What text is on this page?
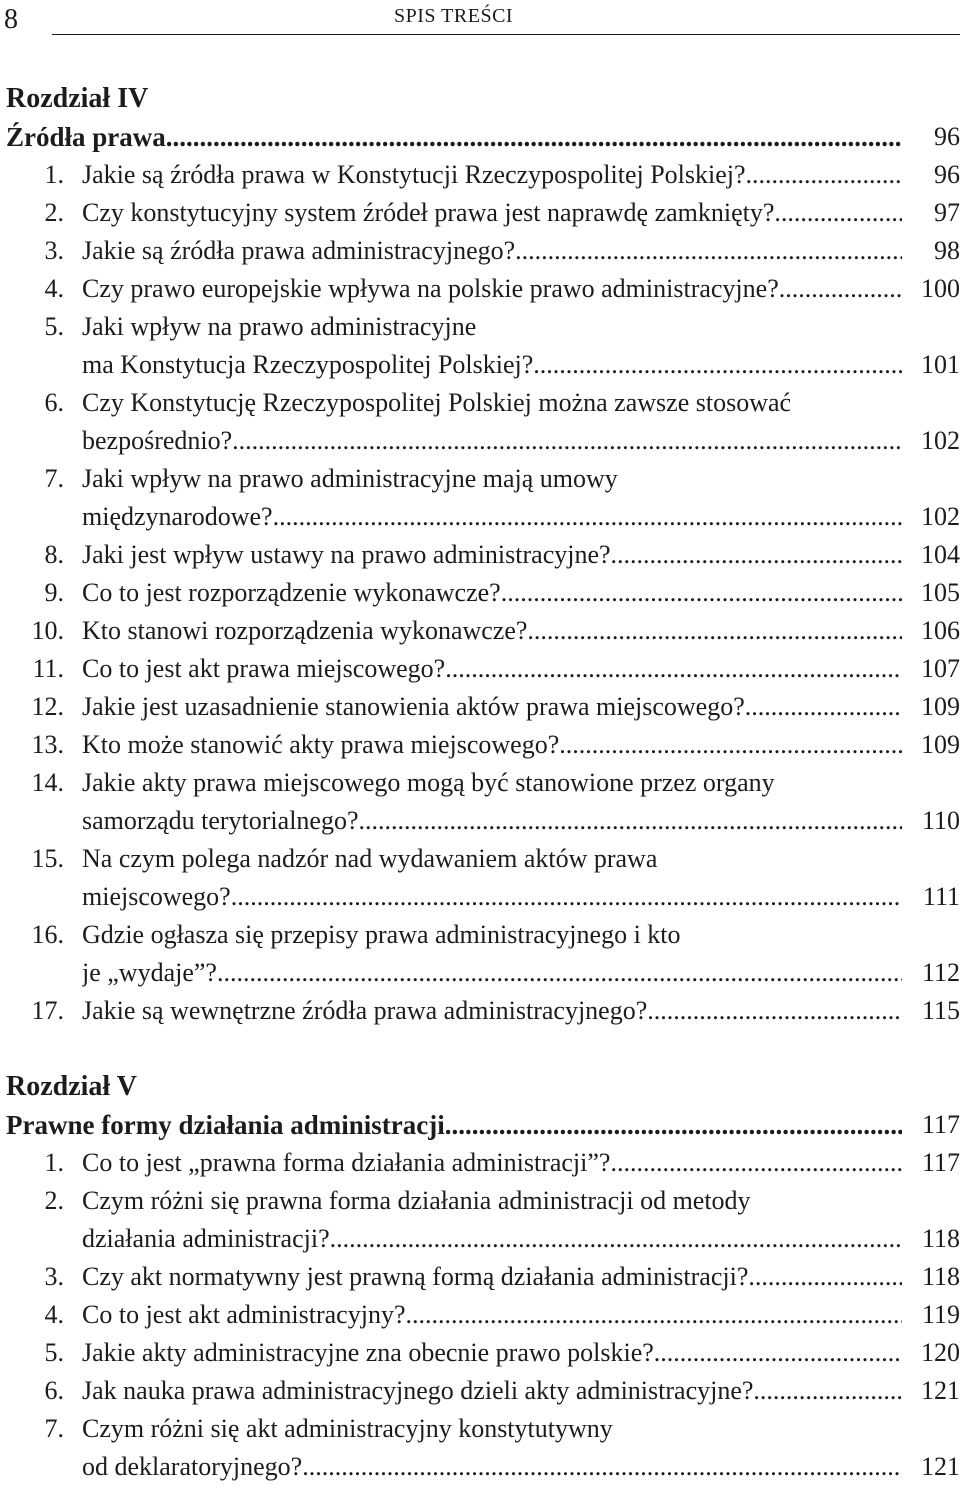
8	SPIS TREŚCI
Rozdział IV
Źródła prawa .....	96
1. Jakie są źródła prawa w Konstytucji Rzeczypospolitej Polskiej? .....	96
2. Czy konstytucyjny system źródeł prawa jest naprawdę zamknięty? .....	97
3. Jakie są źródła prawa administracyjnego? .....	98
4. Czy prawo europejskie wpływa na polskie prawo administracyjne? .....	100
5. Jaki wpływ na prawo administracyjne
ma Konstytucja Rzeczypospolitej Polskiej? .....	101
6. Czy Konstytucję Rzeczypospolitej Polskiej można zawsze stosować
bezpośrednio? .....	102
7. Jaki wpływ na prawo administracyjne mają umowy
międzynarodowe? .....	102
8. Jaki jest wpływ ustawy na prawo administracyjne? .....	104
9. Co to jest rozporządzenie wykonawcze? .....	105
10. Kto stanowi rozporządzenia wykonawcze? .....	106
11. Co to jest akt prawa miejscowego? .....	107
12. Jakie jest uzasadnienie stanowienia aktów prawa miejscowego? .....	109
13. Kto może stanowić akty prawa miejscowego? .....	109
14. Jakie akty prawa miejscowego mogą być stanowione przez organy
samorządu terytorialnego? .....	110
15. Na czym polega nadzór nad wydawaniem aktów prawa
miejscowego? .....	111
16. Gdzie ogłasza się przepisy prawa administracyjnego i kto
je „wydaje”? .....	112
17. Jakie są wewnętrzne źródła prawa administracyjnego? .....	115
Rozdział V
Prawne formy działania administracji .....	117
1. Co to jest „prawna forma działania administracji”? .....	117
2. Czym różni się prawna forma działania administracji od metody
działania administracji? .....	118
3. Czy akt normatywny jest prawną formą działania administracji? .....	118
4. Co to jest akt administracyjny? .....	119
5. Jakie akty administracyjne zna obecnie prawo polskie? .....	120
6. Jak nauka prawa administracyjnego dzieli akty administracyjne? .....	121
7. Czym różni się akt administracyjny konstytutywny
od deklaratoryjnego? .....	121
